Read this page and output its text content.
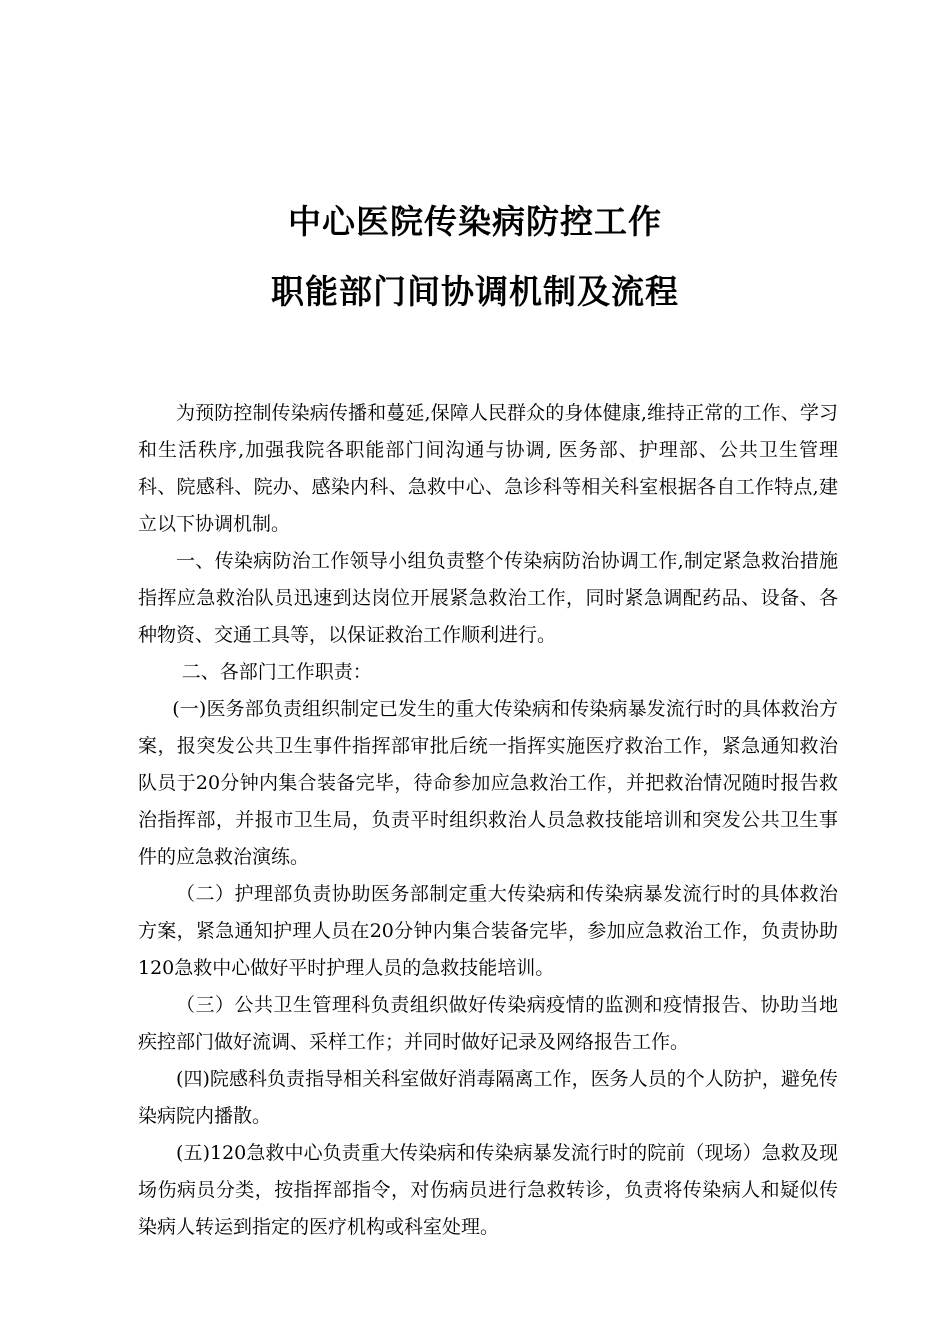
中心医院传染病防控工作
职能部门间协调机制及流程

为预防控制传染病传播和蔓延,保障人民群众的身体健康,维持正常的工作、学习和生活秩序,加强我院各职能部门间沟通与协调, 医务部、护理部、公共卫生管理科、院感科、院办、感染内科、急救中心、急诊科等相关科室根据各自工作特点,建立以下协调机制。

一、传染病防治工作领导小组负责整个传染病防治协调工作,制定紧急救治措施指挥应急救治队员迅速到达岗位开展紧急救治工作，同时紧急调配药品、设备、各种物资、交通工具等，以保证救治工作顺利进行。

二、各部门工作职责：

(一)医务部负责组织制定已发生的重大传染病和传染病暴发流行时的具体救治方案，报突发公共卫生事件指挥部审批后统一指挥实施医疗救治工作，紧急通知救治队员于20分钟内集合装备完毕，待命参加应急救治工作，并把救治情况随时报告救治指挥部，并报市卫生局，负责平时组织救治人员急救技能培训和突发公共卫生事件的应急救治演练。

（二）护理部负责协助医务部制定重大传染病和传染病暴发流行时的具体救治方案，紧急通知护理人员在20分钟内集合装备完毕，参加应急救治工作，负责协助120急救中心做好平时护理人员的急救技能培训。

（三）公共卫生管理科负责组织做好传染病疫情的监测和疫情报告、协助当地疾控部门做好流调、采样工作；并同时做好记录及网络报告工作。

(四)院感科负责指导相关科室做好消毒隔离工作，医务人员的个人防护，避免传染病院内播散。

(五)120急救中心负责重大传染病和传染病暴发流行时的院前（现场）急救及现场伤病员分类，按指挥部指令，对伤病员进行急救转诊，负责将传染病人和疑似传染病人转运到指定的医疗机构或科室处理。
